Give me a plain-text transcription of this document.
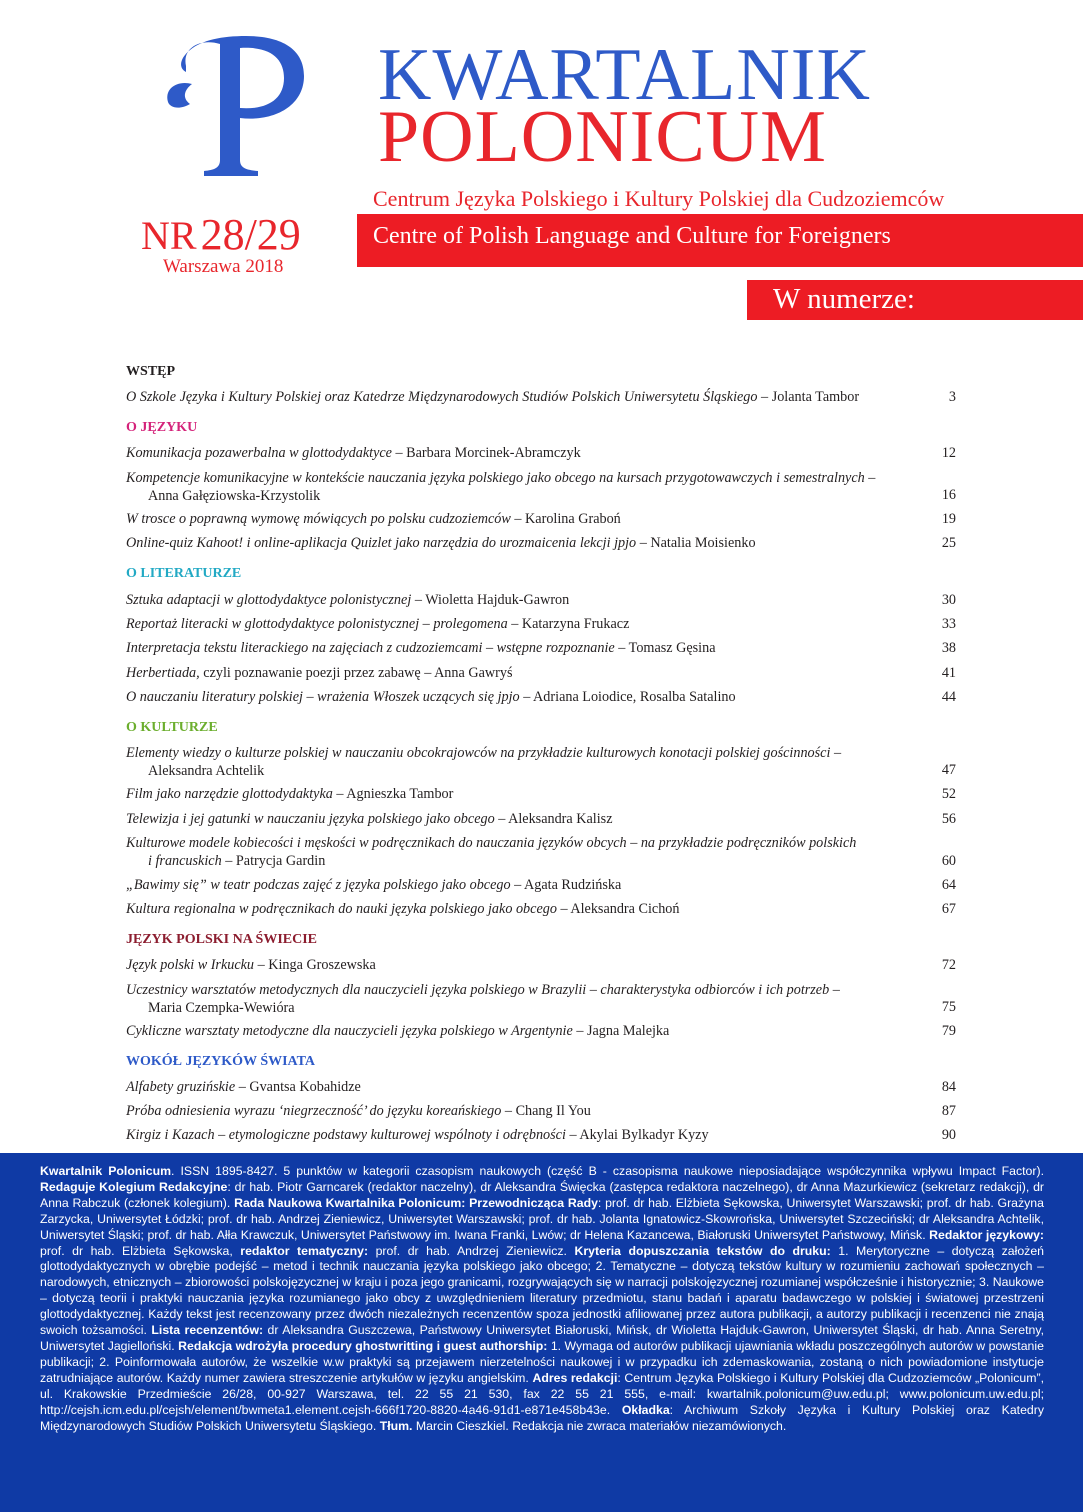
KWARTALNIK
POLONICUM
Centrum Języka Polskiego i Kultury Polskiej dla Cudzoziemców
Centre of Polish Language and Culture for Foreigners
NR28/29
Warszawa 2018
W numerze:
WSTĘP
O Szkole Języka i Kultury Polskiej oraz Katedrze Międzynarodowych Studiów Polskich Uniwersytetu Śląskiego – Jolanta Tambor	3
O JĘZYKU
Komunikacja pozawerbalna w glottodydaktyce – Barbara Morcinek-Abramczyk	12
Kompetencje komunikacyjne w kontekście nauczania języka polskiego jako obcego na kursach przygotowawczych i semestralnych –
Anna Gałęziowska-Krzystolik	16
W trosce o poprawną wymowę mówiących po polsku cudzoziemców – Karolina Graboń	19
Online-quiz Kahoot! i online-aplikacja Quizlet jako narzędzia do urozmaicenia lekcji jpjo – Natalia Moisienko	25
O LITERATURZE
Sztuka adaptacji w glottodydaktyce polonistycznej – Wioletta Hajduk-Gawron	30
Reportaż literacki w glottodydaktyce polonistycznej – prolegomena – Katarzyna Frukacz	33
Interpretacja tekstu literackiego na zajęciach z cudzoziemcami – wstępne rozpoznanie – Tomasz Gęsina	38
Herbertiada, czyli poznawanie poezji przez zabawę – Anna Gawryś	41
O nauczaniu literatury polskiej – wrażenia Włoszek uczących się jpjo – Adriana Loiodice, Rosalba Satalino	44
O KULTURZE
Elementy wiedzy o kulturze polskiej w nauczaniu obcokrajowców na przykładzie kulturowych konotacji polskiej gościnności –
Aleksandra Achtelik	47
Film jako narzędzie glottodydaktyka – Agnieszka Tambor	52
Telewizja i jej gatunki w nauczaniu języka polskiego jako obcego – Aleksandra Kalisz	56
Kulturowe modele kobiecości i męskości w podręcznikach do nauczania języków obcych – na przykładzie podręczników polskich
i francuskich – Patrycja Gardin	60
„Bawimy się” w teatr podczas zajęć z języka polskiego jako obcego – Agata Rudzińska	64
Kultura regionalna w podręcznikach do nauki języka polskiego jako obcego – Aleksandra Cichoń	67
JĘZYK POLSKI NA ŚWIECIE
Język polski w Irkucku – Kinga Groszewska	72
Uczestnicy warsztatów metodycznych dla nauczycieli języka polskiego w Brazylii – charakterystyka odbiorców i ich potrzeb –
Maria Czempka-Wewióra	75
Cykliczne warsztaty metodyczne dla nauczycieli języka polskiego w Argentynie – Jagna Malejka	79
WOKÓŁ JĘZYKÓW ŚWIATA
Alfabety gruzińskie – Gvantsa Kobahidze	84
Próba odniesienia wyrazu ‘niegrzeczność’ do języku koreańskiego – Chang Il You	87
Kirgiz i Kazach – etymologiczne podstawy kulturowej wspólnoty i odrębności – Akylai Bylkadyr Kyzy	90
Kwartalnik Polonicum. ISSN 1895-8427. 5 punktów w kategorii czasopism naukowych (część B - czasopisma naukowe nieposiadające współczynnika wpływu Impact Factor). Redaguje Kolegium Redakcyjne: dr hab. Piotr Garncarek (redaktor naczelny), dr Aleksandra Święcka (zastępca redaktora naczelnego), dr Anna Mazurkiewicz (sekretarz redakcji), dr Anna Rabczuk (członek kolegium). Rada Naukowa Kwartalnika Polonicum: Przewodnicząca Rady: prof. dr hab. Elżbieta Sękowska, Uniwersytet Warszawski; prof. dr hab. Grażyna Zarzycka, Uniwersytet Łódzki; prof. dr hab. Andrzej Zieniewicz, Uniwersytet Warszawski; prof. dr hab. Jolanta Ignatowicz-Skowrońska, Uniwersytet Szczeciński; dr Aleksandra Achtelik, Uniwersytet Śląski; prof. dr hab. Ałła Krawczuk, Uniwersytet Państwowy im. Iwana Franki, Lwów; dr Helena Kazancewa, Białoruski Uniwersytet Państwowy, Mińsk. Redaktor językowy: prof. dr hab. Elżbieta Sękowska, redaktor tematyczny: prof. dr hab. Andrzej Zieniewicz. Kryteria dopuszczania tekstów do druku: 1. Merytoryczne – dotyczą założeń glottodydaktycznych w obrębie podejść – metod i technik nauczania języka polskiego jako obcego; 2. Tematyczne – dotyczą tekstów kultury w rozumieniu zachowań społecznych – narodowych, etnicznych – zbiorowości polskojęzycznej w kraju i poza jego granicami, rozgrywających się w narracji polskojęzycznej rozumianej współcześnie i historycznie; 3. Naukowe – dotyczą teorii i praktyki nauczania języka rozumianego jako obcy z uwzględnieniem literatury przedmiotu, stanu badań i aparatu badawczego w polskiej i światowej przestrzeni glottodydaktycznej. Każdy tekst jest recenzowany przez dwóch niezależnych recenzentów spoza jednostki afiliowanej przez autora publikacji, a autorzy publikacji i recenzenci nie znają swoich tożsamości. Lista recenzentów: dr Aleksandra Guszczewa, Państwowy Uniwersytet Białoruski, Mińsk, dr Wioletta Hajduk-Gawron, Uniwersytet Śląski, dr hab. Anna Seretny, Uniwersytet Jagielloński. Redakcja wdrożyła procedury ghostwritting i guest authorship: 1. Wymaga od autorów publikacji ujawniania wkładu poszczególnych autorów w powstanie publikacji; 2. Poinformowała autorów, że wszelkie w.w praktyki są przejawem nierzetelności naukowej i w przypadku ich zdemaskowania, zostaną o nich powiadomione instytucje zatrudniające autorów. Każdy numer zawiera streszczenie artykułów w języku angielskim. Adres redakcji: Centrum Języka Polskiego i Kultury Polskiej dla Cudzoziemców „Polonicum”, ul. Krakowskie Przedmieście 26/28, 00-927 Warszawa, tel. 22 55 21 530, fax 22 55 21 555, e-mail: kwartalnik.polonicum@uw.edu.pl; www.polonicum.uw.edu.pl; http://cejsh.icm.edu.pl/cejsh/element/bwmeta1.element.cejsh-666f1720-8820-4a46-91d1-e871e458b43e. Okładka: Archiwum Szkoły Języka i Kultury Polskiej oraz Katedry Międzynarodowych Studiów Polskich Uniwersytetu Śląskiego. Tłum. Marcin Cieszkiel. Redakcja nie zwraca materiałów niezamówionych.
